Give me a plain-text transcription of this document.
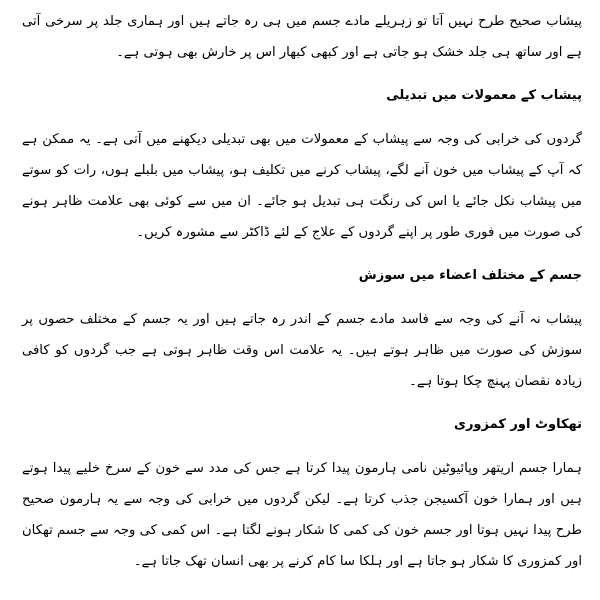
پیشاب صحیح طرح نہیں آتا تو زہریلے مادے جسم میں ہی رہ جاتے ہیں اور ہماری جلد پر سرخی آتی ہے اور ساتھ ہی جلد خشک ہو جاتی ہے اور کبھی کبھار اس پر خارش بھی ہوتی ہے۔

پیشاب کے معمولات میں تبدیلی

گردوں کی خرابی کی وجہ سے پیشاب کے معمولات میں بھی تبدیلی دیکھنے میں آتی ہے۔ یہ ممکن ہے کہ آپ کے پیشاب میں خون آنے لگے، پیشاب کرنے میں تکلیف ہو، پیشاب میں بلبلے ہوں، رات کو سوتے میں پیشاب نکل جائے یا اس کی رنگت ہی تبدیل ہو جائے۔ ان میں سے کوئی بھی علامت ظاہر ہونے کی صورت میں فوری طور پر اپنے گردوں کے علاج کے لئے ڈاکٹر سے مشورہ کریں۔

جسم کے مختلف اعضاء میں سوزش

پیشاب نہ آنے کی وجہ سے فاسد مادے جسم کے اندر رہ جاتے ہیں اور یہ جسم کے مختلف حصوں پر سوزش کی صورت میں ظاہر ہوتے ہیں۔ یہ علامت اس وقت ظاہر ہوتی ہے جب گردوں کو کافی زیادہ نقصان پہنچ چکا ہوتا ہے۔

تھکاوٹ اور کمزوری

ہمارا جسم اریتھر وپائیوٹین نامی ہارمون پیدا کرتا ہے جس کی مدد سے خون کے سرخ خلیے پیدا ہوتے ہیں اور ہمارا خون آکسیجن جذب کرتا ہے۔ لیکن گردوں میں خرابی کی وجہ سے یہ ہارمون صحیح طرح پیدا نہیں ہوتا اور جسم خون کی کمی کا شکار ہونے لگتا ہے۔ اس کمی کی وجہ سے جسم تھکان اور کمزوری کا شکار ہو جاتا ہے اور ہلکا سا کام کرنے پر بھی انسان تھک جاتا ہے۔
